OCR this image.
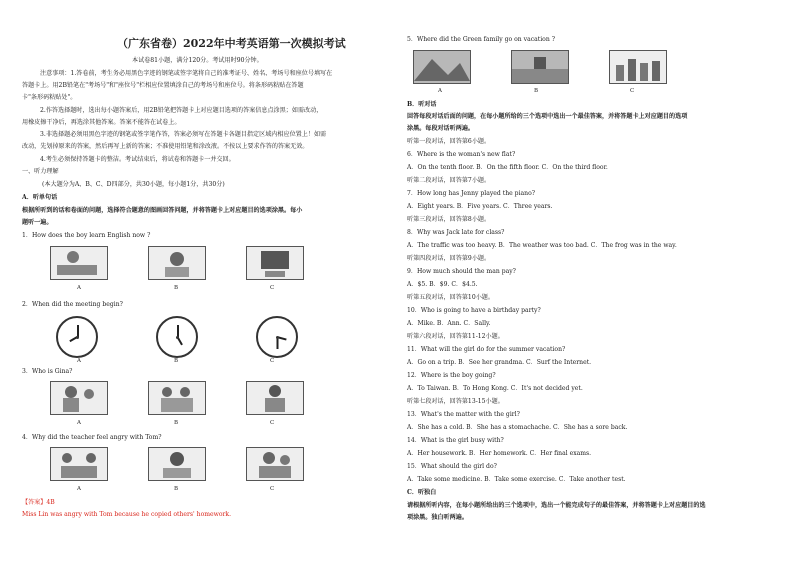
（广东省卷）2022年中考英语第一次模拟考试
本试卷81小题，满分120分。考试用时90分钟。
注意事项：1.答卷前，考生务必用黑色字迹的钢笔或签字笔将自己的准考证号、姓名、考场号和座位号填写在
答题卡上。用2B铅笔在"考场号"和"座位号"栏相应位置填涂自己的考场号和座位号。将条形码粘贴在答题
卡"条形码粘贴处"。
2.作答选择题时，选出每小题答案后，用2B铅笔把答题卡上对应题目选项的答案信息点涂黑；如需改动，
用橡皮擦干净后，再选涂其他答案。答案不能答在试卷上。
3.非选择题必须用黑色字迹的钢笔或签字笔作答，答案必须写在答题卡各题目指定区域内相应位置上！如需
改动，先划掉原来的答案，然后再写上新的答案；不准使用铅笔和涂改液。不按以上要求作答的答案无效。
4.考生必须保持答题卡的整洁。考试结束后，将试卷和答题卡一并交回。
一、听力理解
(本大题分为A、B、C、D四部分，共30小题，每小题1分，共30分)
A．听单句话
根据所听到的话和卷面的问题，选择符合题意的图画回答问题，并将答题卡上对应题目的选项涂黑。每小
题听一遍。
1．How does the boy learn English now ?
A	B	C
2．When did the meeting begin?
A	B	C
3．Who is Gina?
A	B	C
4．Why did the teacher feel angry with Tom?
A	B	C
【答案】4B
Miss Lin was angry with Tom because he copied others' homework.
5．Where did the Green family go on vacation ?
A	B	C
B．听对话
回答每段对话后面的问题，在每小题所给的三个选项中选出一个最佳答案，并将答题卡上对应题目的选项
涂黑。每段对话听两遍。
听第一段对话，回答第6小题。
6．Where is the woman's new flat?
A．On the tenth floor. B．On the fifth floor. C．On the third floor.
听第二段对话，回答第7小题。
7．How long has Jenny played the piano?
A．Eight years. B．Five years. C．Three years.
听第三段对话，回答第8小题。
8．Why was Jack late for class?
A．The traffic was too heavy. B．The weather was too bad. C．The frog was in the way.
听第四段对话，回答第9小题。
9．How much should the man pay?
A．$5. B．$9. C．$4.5.
听第五段对话，回答第10小题。
10．Who is going to have a birthday party?
A．Mike. B．Ann. C．Sally.
听第六段对话，回答第11-12小题。
11．What will the girl do for the summer vacation?
A．Go on a trip. B．See her grandma. C．Surf the Internet.
12．Where is the boy going?
A．To Taiwan. B．To Hong Kong. C．It's not decided yet.
听第七段对话，回答第13-15小题。
13．What's the matter with the girl?
A．She has a cold. B．She has a stomachache. C．She has a sore back.
14．What is the girl busy with?
A．Her housework. B．Her homework. C．Her final exams.
15．What should the girl do?
A．Take some medicine. B．Take some exercise. C．Take another test.
C．听独白
请根据所听内容，在每小题所给出的三个选项中，选出一个能完成句子的最佳答案，并将答题卡上对应题目的选
项涂黑。独白听两遍。
